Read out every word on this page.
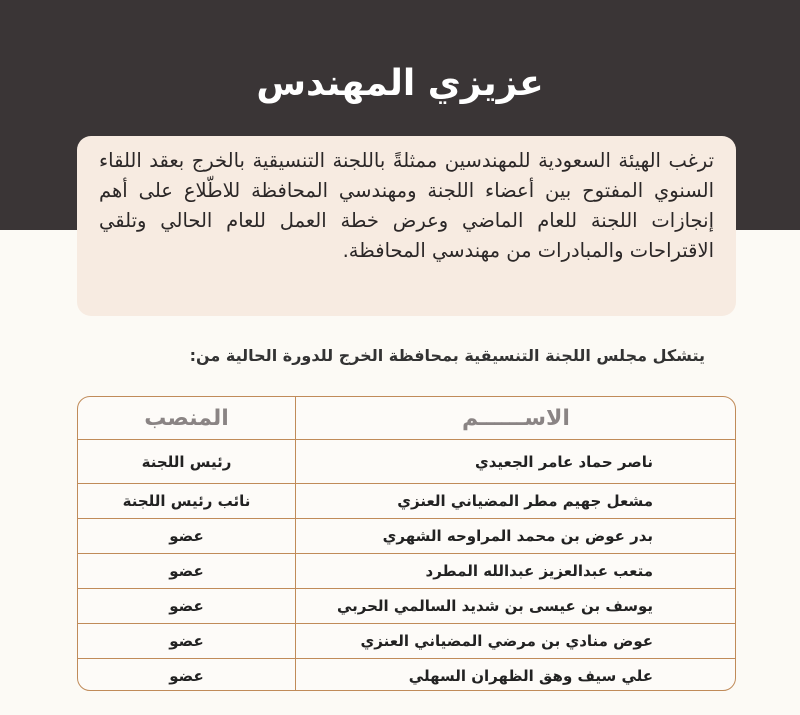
عزيزي المهندس
ترغب الهيئة السعودية للمهندسين ممثلةً باللجنة التنسيقية بالخرج بعقد اللقاء السنوي المفتوح بين أعضاء اللجنة ومهندسي المحافظة للاطّلاع على أهم إنجازات اللجنة للعام الماضي وعرض خطة العمل للعام الحالي وتلقي الاقتراحات والمبادرات من مهندسي المحافظة.
يتشكل مجلس اللجنة التنسيقية بمحافظة الخرج للدورة الحالية من:
الاســــــم	المنصب
ناصر حماد عامر الجعيدي	رئيس اللجنة
مشعل جهيم مطر المضياني العنزي	نائب رئيس اللجنة
بدر عوض بن محمد المراوحه الشهري	عضو
متعب عبدالعزيز عبدالله المطرد	عضو
يوسف بن عيسى بن شديد السالمي الحربي	عضو
عوض منادي بن مرضي المضياني العنزي	عضو
علي سيف وهق الظهران السهلي	عضو
